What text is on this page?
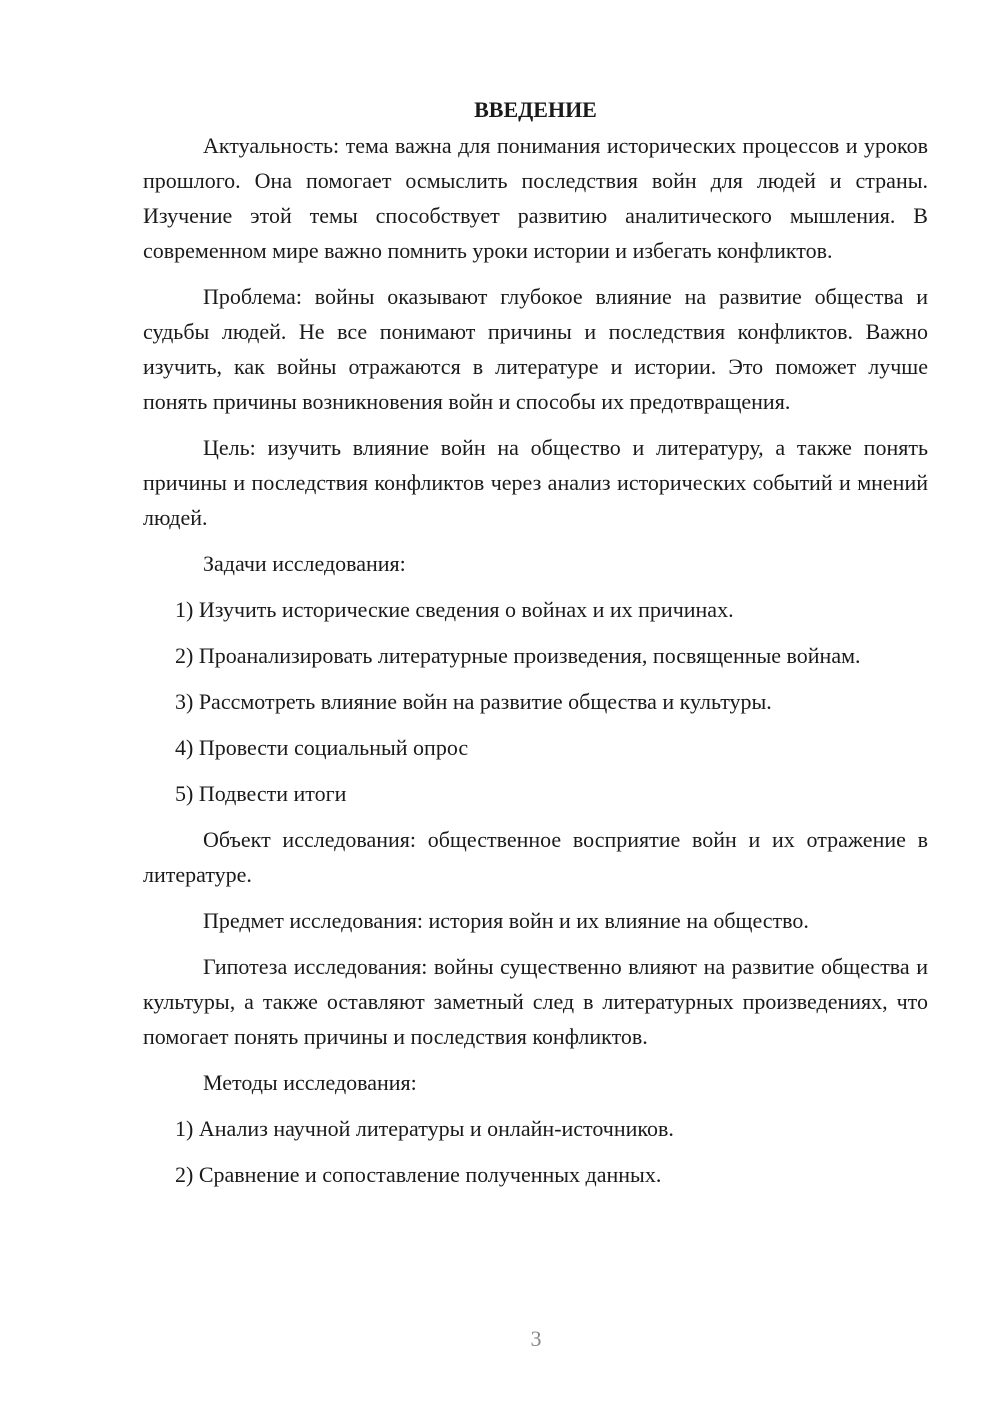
ВВЕДЕНИЕ

Актуальность: тема важна для понимания исторических процессов и уроков прошлого. Она помогает осмыслить последствия войн для людей и страны. Изучение этой темы способствует развитию аналитического мышления. В современном мире важно помнить уроки истории и избегать конфликтов.

Проблема: войны оказывают глубокое влияние на развитие общества и судьбы людей. Не все понимают причины и последствия конфликтов. Важно изучить, как войны отражаются в литературе и истории. Это поможет лучше понять причины возникновения войн и способы их предотвращения.

Цель: изучить влияние войн на общество и литературу, а также понять причины и последствия конфликтов через анализ исторических событий и мнений людей.

Задачи исследования:

1) Изучить исторические сведения о войнах и их причинах.

2) Проанализировать литературные произведения, посвященные войнам.

3) Рассмотреть влияние войн на развитие общества и культуры.

4) Провести социальный опрос

5) Подвести итоги

Объект исследования: общественное восприятие войн и их отражение в литературе.

Предмет исследования: история войн и их влияние на общество.

Гипотеза исследования: войны существенно влияют на развитие общества и культуры, а также оставляют заметный след в литературных произведениях, что помогает понять причины и последствия конфликтов.

Методы исследования:

1) Анализ научной литературы и онлайн-источников.

2) Сравнение и сопоставление полученных данных.

3
